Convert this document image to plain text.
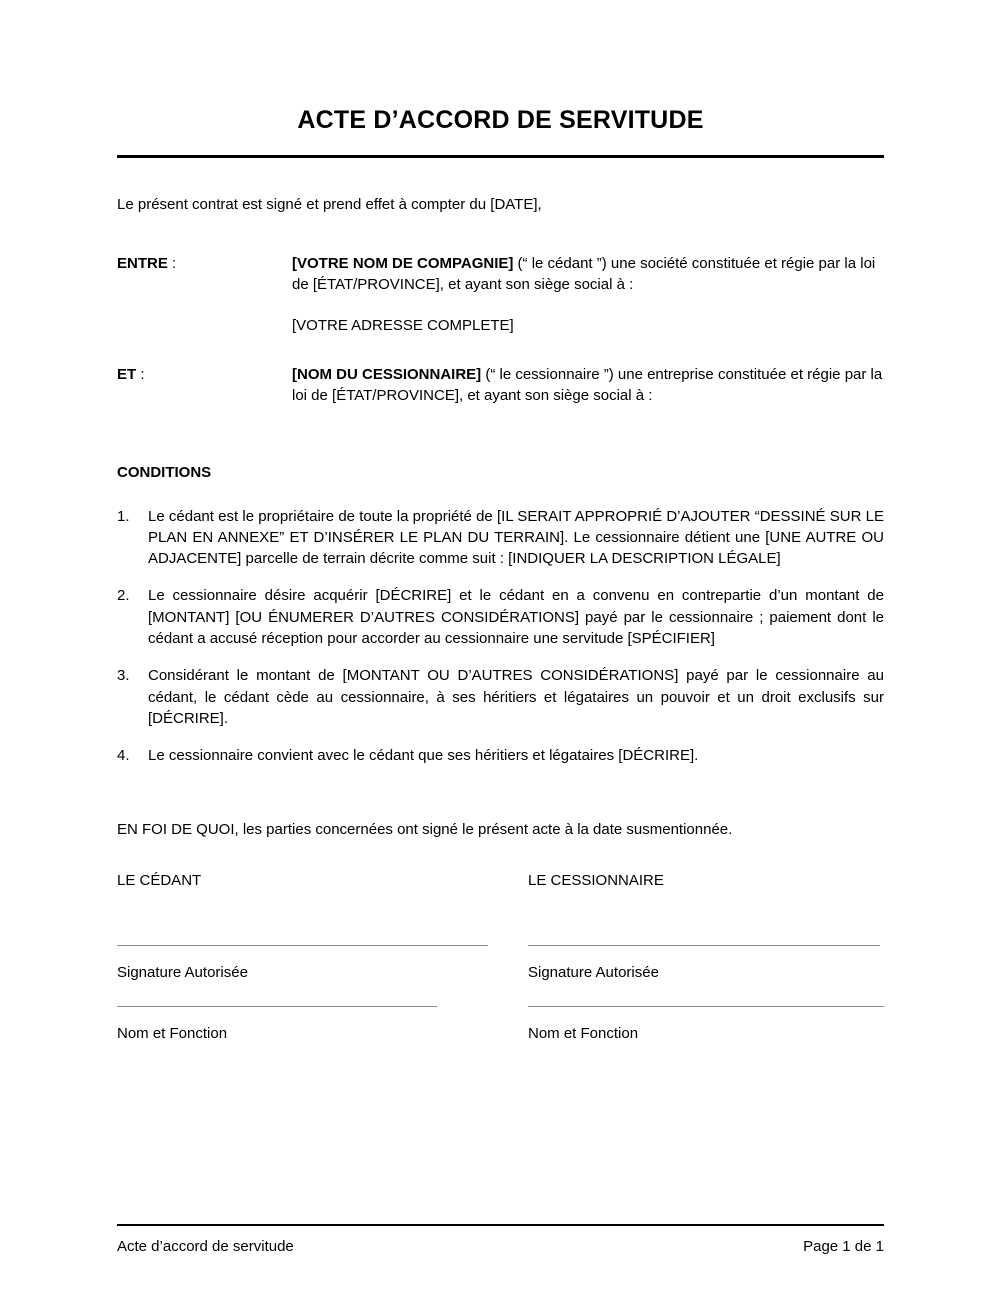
ACTE D’ACCORD DE SERVITUDE

Le présent contrat est signé et prend effet à compter du [DATE],

ENTRE :	[VOTRE NOM DE COMPAGNIE] (“ le cédant ”) une société constituée et régie par la loi de [ÉTAT/PROVINCE], et ayant son siège social à :
[VOTRE ADRESSE COMPLETE]
ET :	[NOM DU CESSIONNAIRE] (“ le cessionnaire ”) une entreprise constituée et régie par la loi de [ÉTAT/PROVINCE], et ayant son siège social à :
CONDITIONS
1.	Le cédant est le propriétaire de toute la propriété de [IL SERAIT APPROPRIÉ D’AJOUTER “DESSINÉ SUR LE PLAN EN ANNEXE” ET D’INSÉRER LE PLAN DU TERRAIN]. Le cessionnaire détient une [UNE AUTRE OU ADJACENTE] parcelle de terrain décrite comme suit : [INDIQUER LA DESCRIPTION LÉGALE]
2.	Le cessionnaire désire acquérir [DÉCRIRE] et le cédant en a convenu en contrepartie d’un montant de [MONTANT] [OU ÉNUMERER D’AUTRES CONSIDÉRATIONS] payé par le cessionnaire ; paiement dont le cédant a accusé réception pour accorder au cessionnaire une servitude [SPÉCIFIER]
3.	Considérant le montant de [MONTANT OU D’AUTRES CONSIDÉRATIONS] payé par le cessionnaire au cédant, le cédant cède au cessionnaire, à ses héritiers et légataires un pouvoir et un droit exclusifs sur [DÉCRIRE].
4.	Le cessionnaire convient avec le cédant que ses héritiers et légataires [DÉCRIRE].

EN FOI DE QUOI, les parties concernées ont signé le présent acte à la date susmentionnée.

LE CÉDANT
Signature Autorisée
Nom et Fonction
LE CESSIONNAIRE
Signature Autorisée
Nom et Fonction
Acte d’accord de servitude	Page 1 de 1
